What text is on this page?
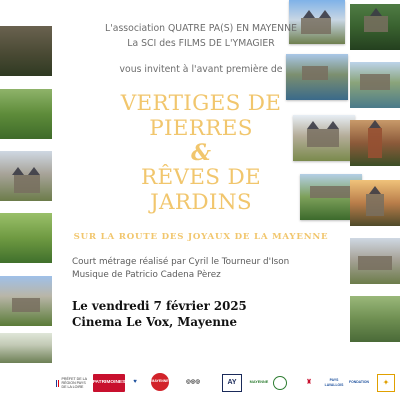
L'association QUATRE PA(S) EN MAYENNE
La SCI des FILMS DE L'YMAGIER
vous invitent à l'avant première de
VERTIGES DE
PIERRES
&
RÊVES DE
JARDINS
SUR LA ROUTE DES JOYAUX DE LA MAYENNE
Court métrage réalisé par Cyril le Tourneur d'Ison
Musique de Patricio Cadena Pèrez
Le vendredi 7 février 2025
Cinema Le Vox, Mayenne
PRÉFET DE LA RÉGION PAYS DE LA LOIRE
PATRIMOINES	♥	MAYENNE	◎◎◎	AY	MAYENNE	♜	PAYS LAVALLOIS
FONDATION	✦
